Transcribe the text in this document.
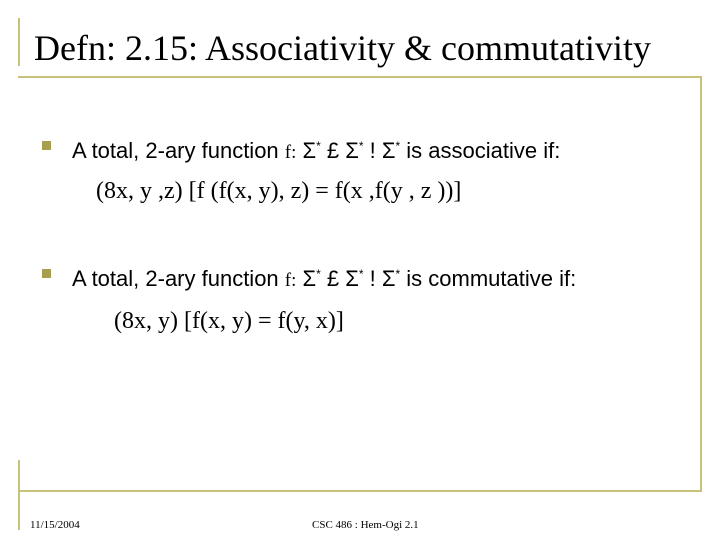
Defn: 2.15: Associativity & commutativity
A total, 2-ary function f: Σ* £ Σ* ! Σ* is associative if:
(8x, y ,z) [f (f(x, y), z) = f(x ,f(y , z ))]
A total, 2-ary function f: Σ* £ Σ* ! Σ* is commutative if:
(8x, y) [f(x, y) = f(y, x)]
11/15/2004	CSC 486 : Hem-Ogi 2.1
